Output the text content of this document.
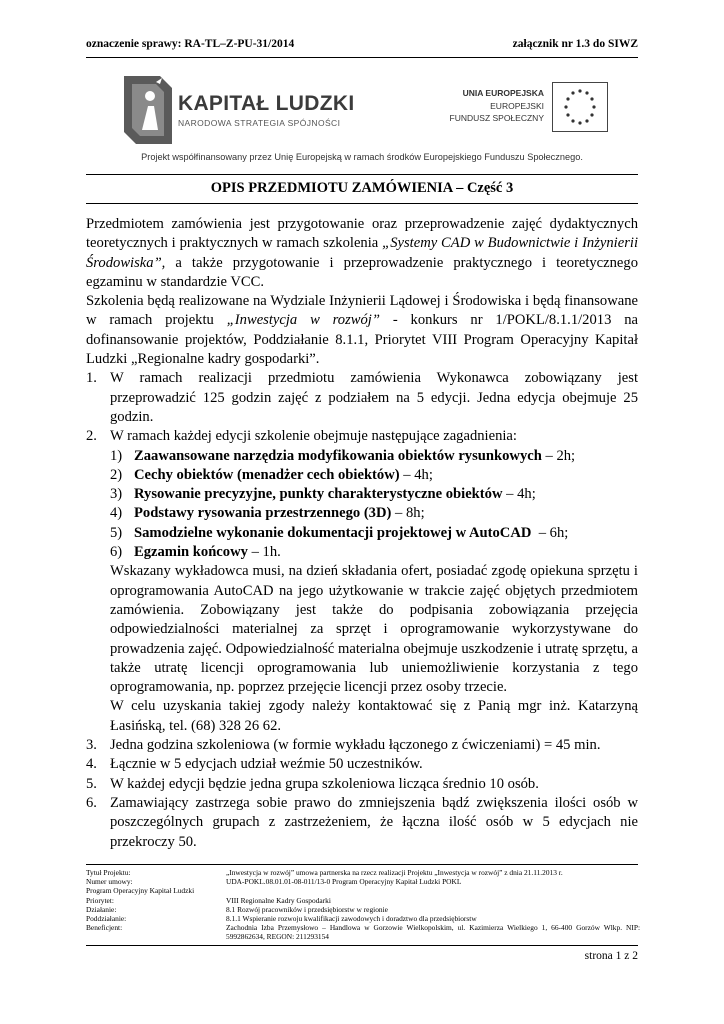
oznaczenie sprawy: RA-TL–Z-PU-31/2014	załącznik nr 1.3 do SIWZ
KAPITAŁ LUDZKI
NARODOWA STRATEGIA SPÓJNOŚCI
UNIA EUROPEJSKA
EUROPEJSKI
FUNDUSZ SPOŁECZNY
Projekt współfinansowany przez Unię Europejską w ramach środków Europejskiego Funduszu Społecznego.
OPIS PRZEDMIOTU ZAMÓWIENIA – Część 3

Przedmiotem zamówienia jest przygotowanie oraz przeprowadzenie zajęć dydaktycznych teoretycznych i praktycznych w ramach szkolenia „Systemy CAD w Budownictwie i Inżynierii Środowiska”, a także przygotowanie i przeprowadzenie praktycznego i teoretycznego egzaminu w standardzie VCC.

Szkolenia będą realizowane na Wydziale Inżynierii Lądowej i Środowiska i będą finansowane w ramach projektu „Inwestycja w rozwój” - konkurs nr 1/POKL/8.1.1/2013 na dofinansowanie projektów, Poddziałanie 8.1.1, Priorytet VIII Program Operacyjny Kapitał Ludzki „Regionalne kadry gospodarki”.

1. W ramach realizacji przedmiotu zamówienia Wykonawca zobowiązany jest przeprowadzić 125 godzin zajęć z podziałem na 5 edycji. Jedna edycja obejmuje 25 godzin.
2. W ramach każdej edycji szkolenie obejmuje następujące zagadnienia:
1) Zaawansowane narzędzia modyfikowania obiektów rysunkowych – 2h;
2) Cechy obiektów (menadżer cech obiektów) – 4h;
3) Rysowanie precyzyjne, punkty charakterystyczne obiektów – 4h;
4) Podstawy rysowania przestrzennego (3D) – 8h;
5) Samodzielne wykonanie dokumentacji projektowej w AutoCAD  – 6h;
6) Egzamin końcowy – 1h.

Wskazany wykładowca musi, na dzień składania ofert, posiadać zgodę opiekuna sprzętu i oprogramowania AutoCAD na jego użytkowanie w trakcie zajęć objętych przedmiotem zamówienia. Zobowiązany jest także do podpisania zobowiązania przejęcia odpowiedzialności materialnej za sprzęt i oprogramowanie wykorzystywane do prowadzenia zajęć. Odpowiedzialność materialna obejmuje uszkodzenie i utratę sprzętu, a także utratę licencji oprogramowania lub uniemożliwienie korzystania z tego oprogramowania, np. poprzez przejęcie licencji przez osoby trzecie.

W celu uzyskania takiej zgody należy kontaktować się z Panią mgr inż. Katarzyną Łasińską, tel. (68) 328 26 62.

3. Jedna godzina szkoleniowa (w formie wykładu łączonego z ćwiczeniami) = 45 min.
4. Łącznie w 5 edycjach udział weźmie 50 uczestników.
5. W każdej edycji będzie jedna grupa szkoleniowa licząca średnio 10 osób.
6. Zamawiający zastrzega sobie prawo do zmniejszenia bądź zwiększenia ilości osób w poszczególnych grupach z zastrzeżeniem, że łączna ilość osób w 5 edycjach nie przekroczy 50.
Tytuł Projektu:	„Inwestycja w rozwój” umowa partnerska na rzecz realizacji Projektu „Inwestycja w rozwój” z dnia 21.11.2013 r.
Numer umowy:	UDA-POKL.08.01.01-08-011/13-0 Program Operacyjny Kapitał Ludzki POKL
Program Operacyjny Kapitał Ludzki
Priorytet:	VIII Regionalne Kadry Gospodarki
Działanie:	8.1 Rozwój pracowników i przedsiębiorstw w regionie
Poddziałanie:	8.1.1 Wspieranie rozwoju kwalifikacji zawodowych i doradztwo dla przedsiębiorstw
Beneficjent:	Zachodnia Izba Przemysłowo – Handlowa w Gorzowie Wielkopolskim, ul. Kazimierza Wielkiego 1, 66-400 Gorzów Wlkp. NIP: 5992862634, REGON: 211293154
strona 1 z 2
